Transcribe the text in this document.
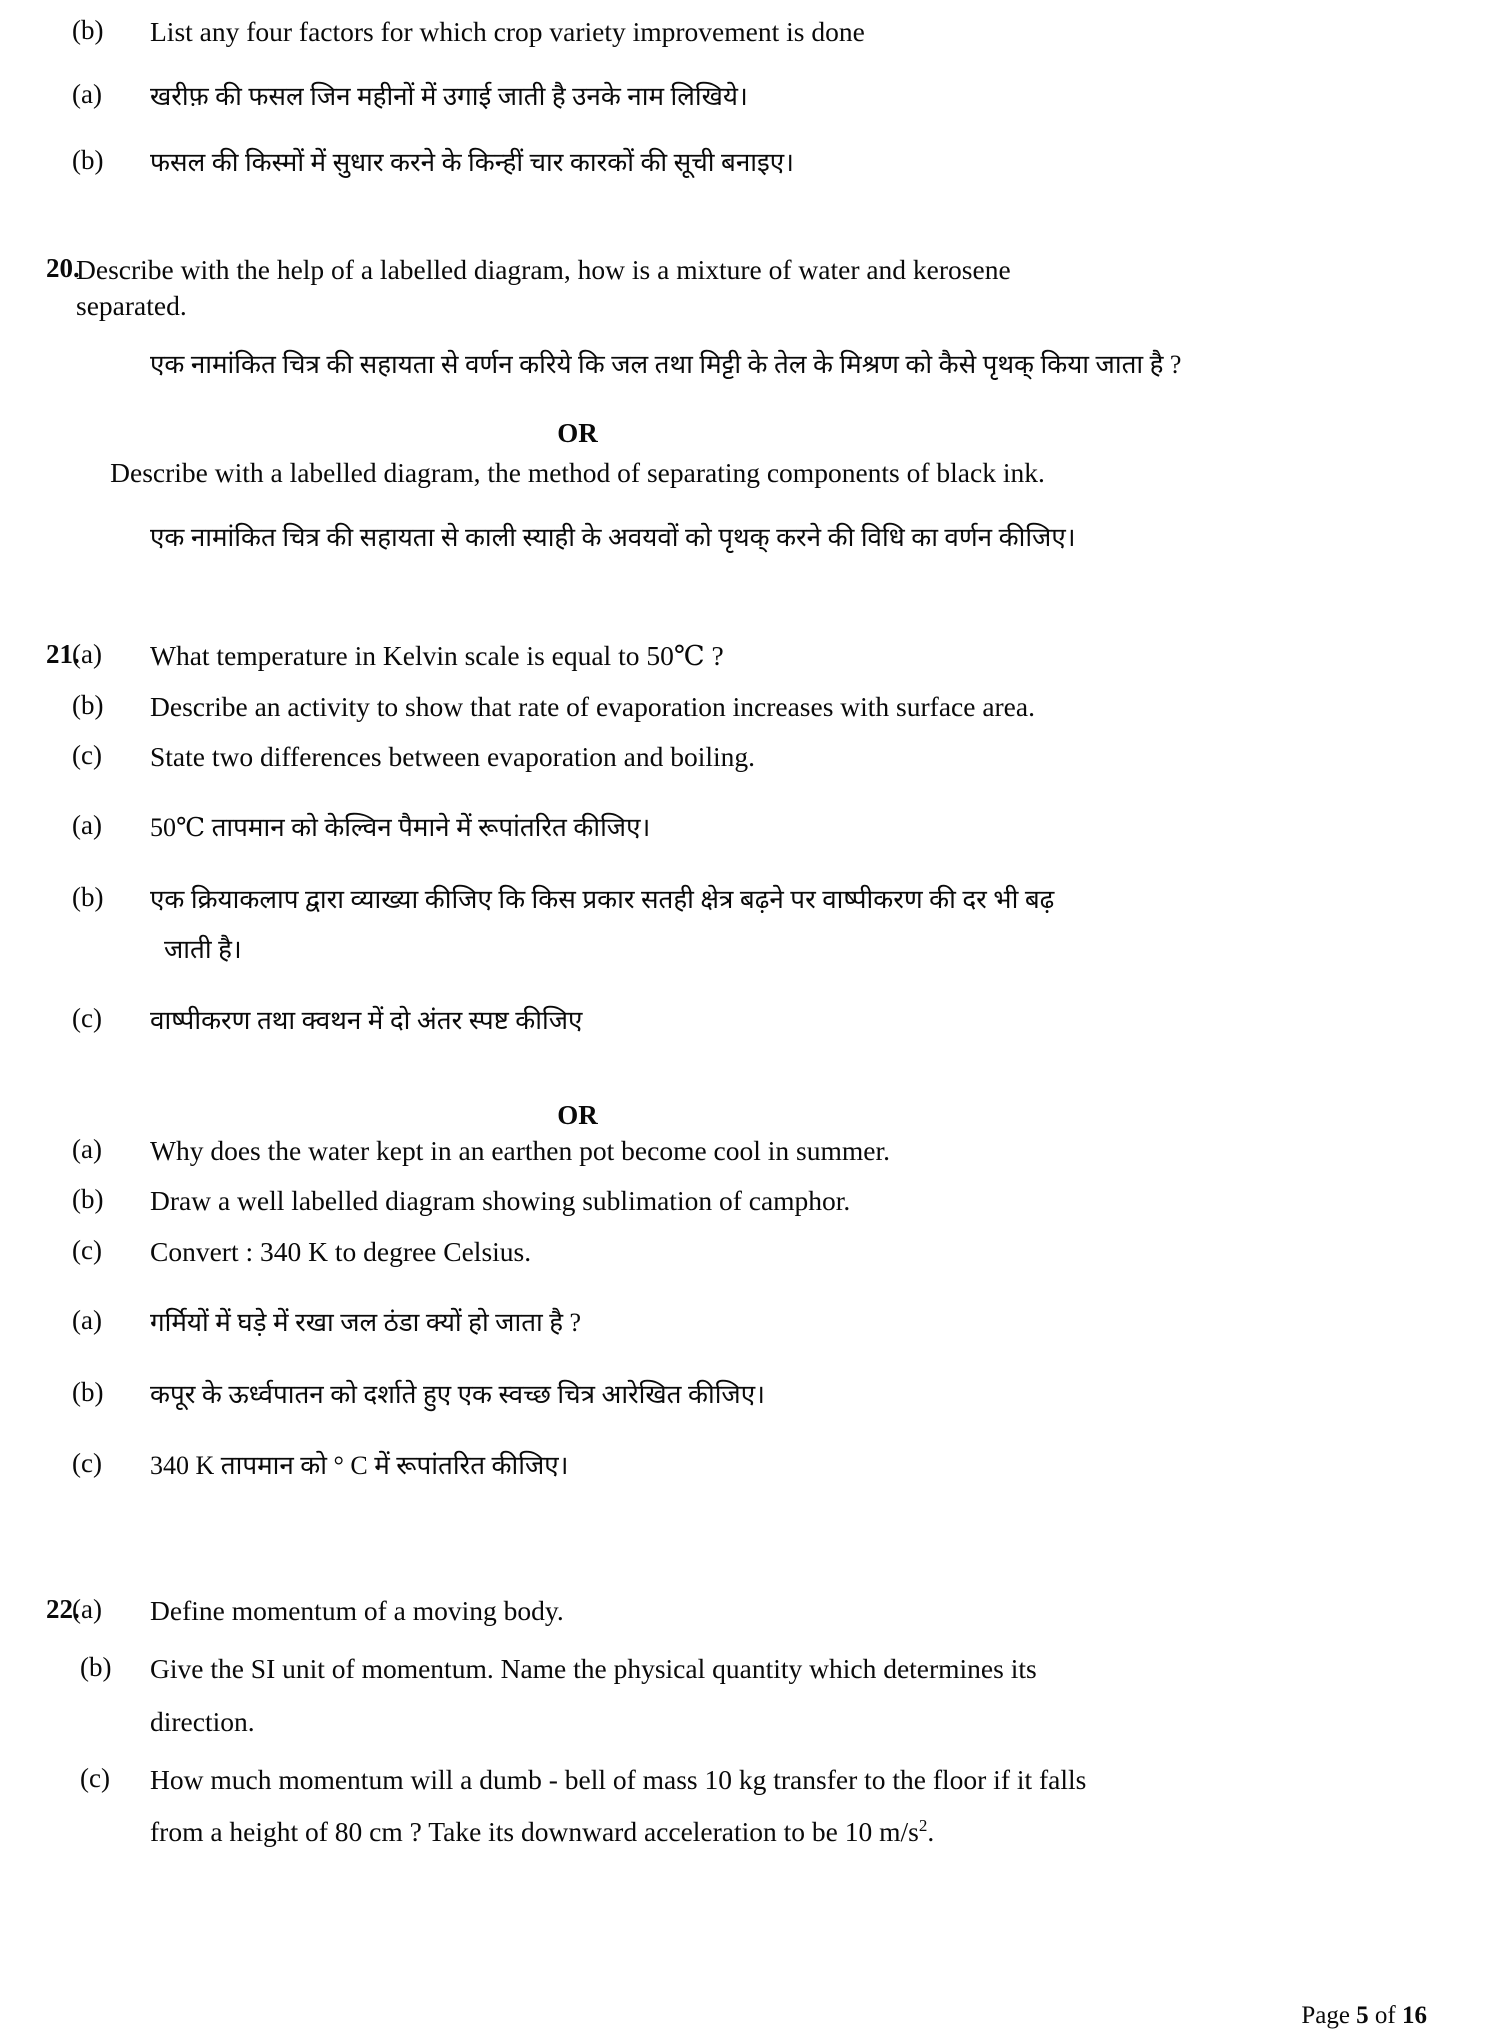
(b)	List any four factors for which crop variety improvement is done
(a)	खरीफ़ की फसल जिन महीनों में उगाई जाती है उनके नाम लिखिये।
(b)	फसल की किस्मों में सुधार करने के किन्हीं चार कारकों की सूची बनाइए।
20.
Describe with the help of a labelled diagram, how is a mixture of water and kerosene
separated.
एक नामांकित चित्र की सहायता से वर्णन करिये कि जल तथा मिट्टी के तेल के मिश्रण को कैसे पृथक् किया जाता है ?
OR
Describe with a labelled diagram, the method of separating components of black ink.
एक नामांकित चित्र की सहायता से काली स्याही के अवयवों को पृथक् करने की विधि का वर्णन कीजिए।
21.
(a)	What temperature in Kelvin scale is equal to 50℃ ?
(b)	Describe an activity to show that rate of evaporation increases with surface area.
(c)	State two differences between evaporation and boiling.
(a)	50℃ तापमान को केल्विन पैमाने में रूपांतरित कीजिए।
(b)	एक क्रियाकलाप द्वारा व्याख्या कीजिए कि किस प्रकार सतही क्षेत्र बढ़ने पर वाष्पीकरण की दर भी बढ़
जाती है।
(c)	वाष्पीकरण तथा क्वथन में दो अंतर स्पष्ट कीजिए
OR
(a)	Why does the water kept in an earthen pot become cool in summer.
(b)	Draw a well labelled diagram showing sublimation of camphor.
(c)	Convert : 340 K to degree Celsius.
(a)	गर्मियों में घड़े में रखा जल ठंडा क्यों हो जाता है ?
(b)	कपूर के ऊर्ध्वपातन को दर्शाते हुए एक स्वच्छ चित्र आरेखित कीजिए।
(c)	340 K तापमान को ° C में रूपांतरित कीजिए।
22.
(a)	Define momentum of a moving body.
(b)	Give the SI unit of momentum. Name the physical quantity which determines its
direction.
(c)	How much momentum will a dumb - bell of mass 10 kg transfer to the floor if it falls
from a height of 80 cm ? Take its downward acceleration to be 10 $m/s^2$.
Page 5 of 16
